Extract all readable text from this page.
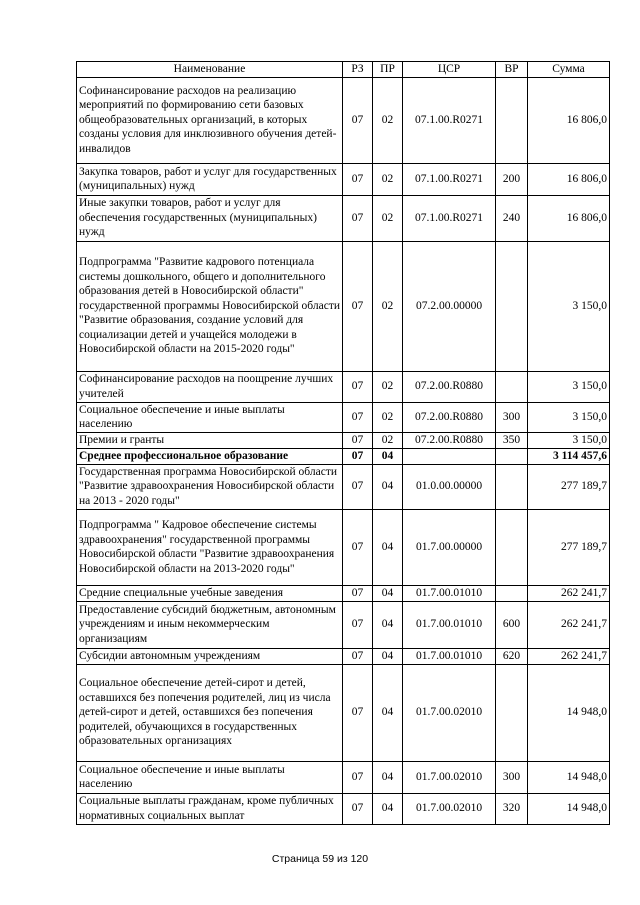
Наименование	РЗ	ПР	ЦСР	ВР	Сумма
Софинансирование расходов на реализацию мероприятий по формированию сети базовых общеобразовательных организаций, в которых созданы условия для инклюзивного обучения детей-инвалидов	07	02	07.1.00.R0271		16 806,0
Закупка товаров, работ и услуг для государственных (муниципальных) нужд	07	02	07.1.00.R0271	200	16 806,0
Иные закупки товаров, работ и услуг для обеспечения государственных (муниципальных) нужд	07	02	07.1.00.R0271	240	16 806,0
Подпрограмма "Развитие кадрового потенциала системы дошкольного, общего и дополнительного образования детей в Новосибирской области" государственной программы Новосибирской области "Развитие образования, создание условий для социализации детей и учащейся молодежи в Новосибирской области на 2015-2020 годы"	07	02	07.2.00.00000		3 150,0
Софинансирование расходов на поощрение лучших учителей	07	02	07.2.00.R0880		3 150,0
Социальное обеспечение и иные выплаты населению	07	02	07.2.00.R0880	300	3 150,0
Премии и гранты	07	02	07.2.00.R0880	350	3 150,0
Среднее профессиональное образование	07	04			3 114 457,6
Государственная программа Новосибирской области "Развитие здравоохранения Новосибирской области на 2013 - 2020 годы"	07	04	01.0.00.00000		277 189,7
Подпрограмма " Кадровое обеспечение системы здравоохранения" государственной программы Новосибирской области "Развитие здравоохранения Новосибирской области на 2013-2020 годы"	07	04	01.7.00.00000		277 189,7
Средние специальные учебные заведения	07	04	01.7.00.01010		262 241,7
Предоставление субсидий бюджетным, автономным учреждениям и иным некоммерческим организациям	07	04	01.7.00.01010	600	262 241,7
Субсидии автономным учреждениям	07	04	01.7.00.01010	620	262 241,7
Социальное обеспечение детей-сирот и детей, оставшихся без попечения родителей, лиц из числа детей-сирот и детей, оставшихся без попечения родителей, обучающихся в государственных образовательных организациях	07	04	01.7.00.02010		14 948,0
Социальное обеспечение и иные выплаты населению	07	04	01.7.00.02010	300	14 948,0
Социальные выплаты гражданам, кроме публичных нормативных социальных выплат	07	04	01.7.00.02010	320	14 948,0
Страница 59 из 120
